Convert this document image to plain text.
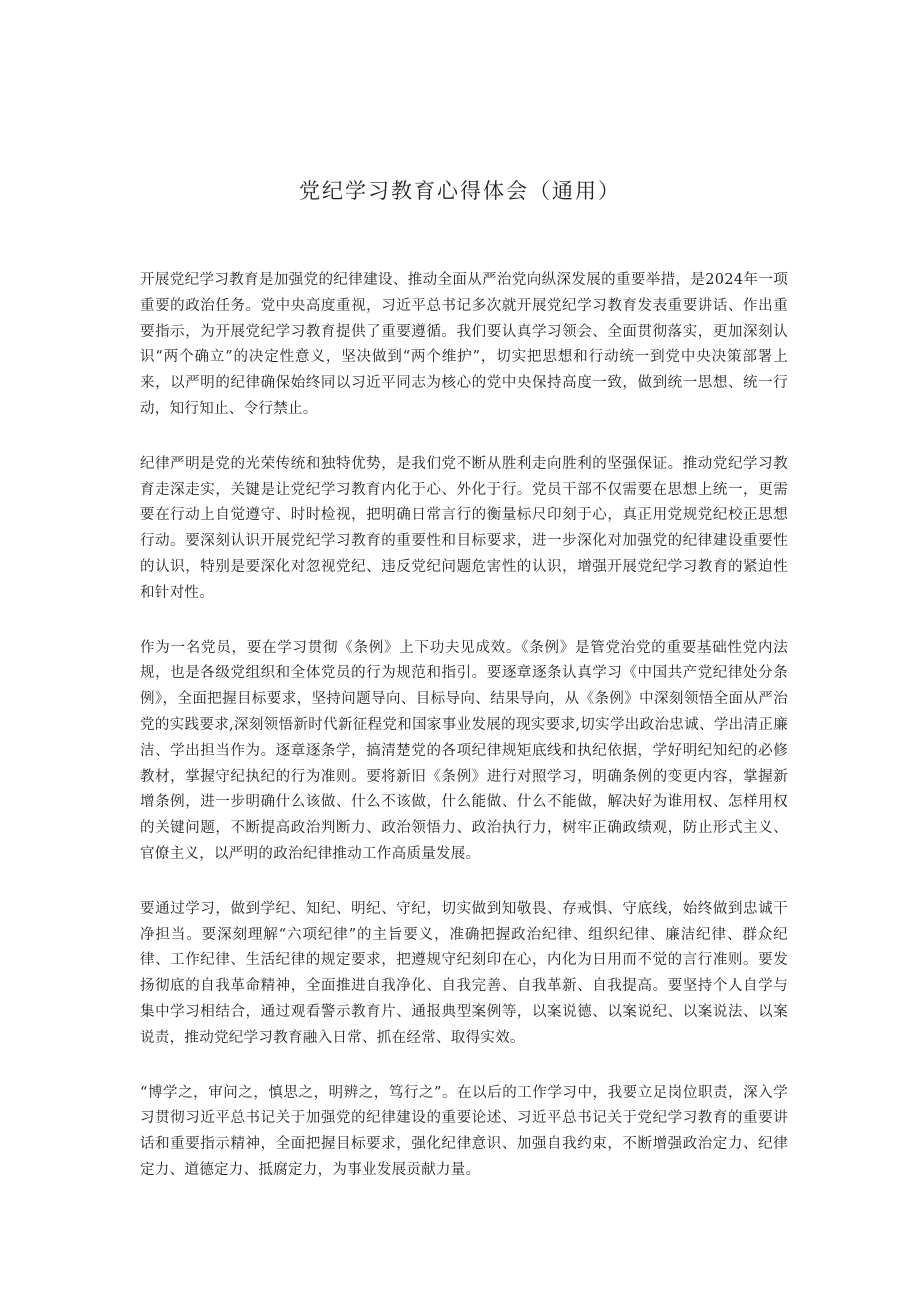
党纪学习教育心得体会（通用）

开展党纪学习教育是加强党的纪律建设、推动全面从严治党向纵深发展的重要举措，是2024年一项重要的政治任务。党中央高度重视，习近平总书记多次就开展党纪学习教育发表重要讲话、作出重要指示，为开展党纪学习教育提供了重要遵循。我们要认真学习领会、全面贯彻落实，更加深刻认识“两个确立”的决定性意义，坚决做到“两个维护”，切实把思想和行动统一到党中央决策部署上来，以严明的纪律确保始终同以习近平同志为核心的党中央保持高度一致，做到统一思想、统一行动，知行知止、令行禁止。

纪律严明是党的光荣传统和独特优势，是我们党不断从胜利走向胜利的坚强保证。推动党纪学习教育走深走实，关键是让党纪学习教育内化于心、外化于行。党员干部不仅需要在思想上统一，更需要在行动上自觉遵守、时时检视，把明确日常言行的衡量标尺印刻于心，真正用党规党纪校正思想行动。要深刻认识开展党纪学习教育的重要性和目标要求，进一步深化对加强党的纪律建设重要性的认识，特别是要深化对忽视党纪、违反党纪问题危害性的认识，增强开展党纪学习教育的紧迫性和针对性。

作为一名党员，要在学习贯彻《条例》上下功夫见成效。《条例》是管党治党的重要基础性党内法规，也是各级党组织和全体党员的行为规范和指引。要逐章逐条认真学习《中国共产党纪律处分条例》，全面把握目标要求，坚持问题导向、目标导向、结果导向，从《条例》中深刻领悟全面从严治党的实践要求,深刻领悟新时代新征程党和国家事业发展的现实要求,切实学出政治忠诚、学出清正廉洁、学出担当作为。逐章逐条学，搞清楚党的各项纪律规矩底线和执纪依据，学好明纪知纪的必修教材，掌握守纪执纪的行为准则。要将新旧《条例》进行对照学习，明确条例的变更内容，掌握新增条例，进一步明确什么该做、什么不该做，什么能做、什么不能做，解决好为谁用权、怎样用权的关键问题，不断提高政治判断力、政治领悟力、政治执行力，树牢正确政绩观，防止形式主义、官僚主义，以严明的政治纪律推动工作高质量发展。

要通过学习，做到学纪、知纪、明纪、守纪，切实做到知敬畏、存戒惧、守底线，始终做到忠诚干净担当。要深刻理解“六项纪律”的主旨要义，准确把握政治纪律、组织纪律、廉洁纪律、群众纪律、工作纪律、生活纪律的规定要求，把遵规守纪刻印在心，内化为日用而不觉的言行准则。要发扬彻底的自我革命精神，全面推进自我净化、自我完善、自我革新、自我提高。要坚持个人自学与集中学习相结合，通过观看警示教育片、通报典型案例等，以案说德、以案说纪、以案说法、以案说责，推动党纪学习教育融入日常、抓在经常、取得实效。

“博学之，审问之，慎思之，明辨之，笃行之”。在以后的工作学习中，我要立足岗位职责，深入学习贯彻习近平总书记关于加强党的纪律建设的重要论述、习近平总书记关于党纪学习教育的重要讲话和重要指示精神，全面把握目标要求，强化纪律意识、加强自我约束，不断增强政治定力、纪律定力、道德定力、抵腐定力，为事业发展贡献力量。
